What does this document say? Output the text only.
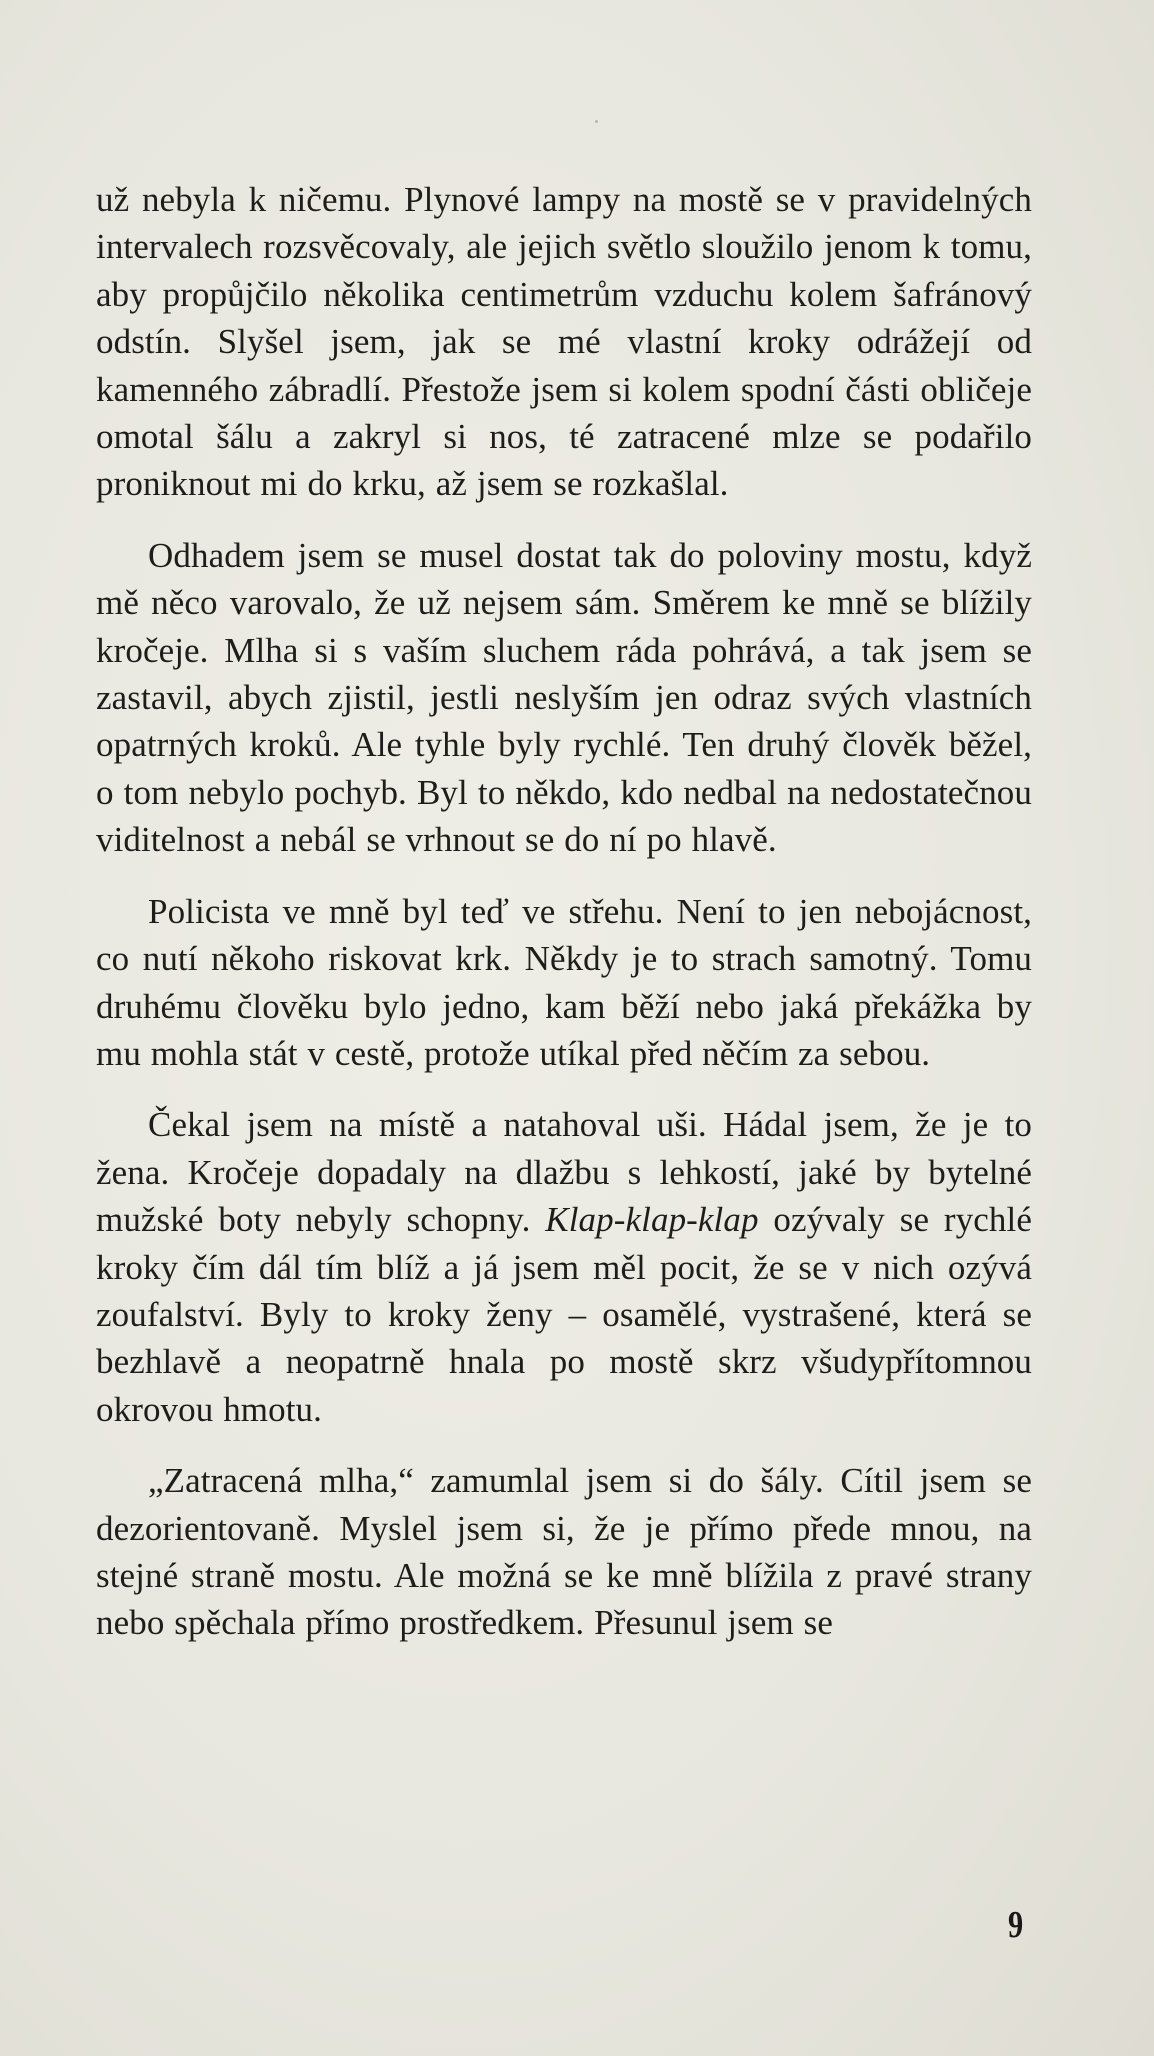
už nebyla k ničemu. Plynové lampy na mostě se v pravidelných intervalech rozsvěcovaly, ale jejich světlo sloužilo jenom k tomu, aby propůjčilo několika centimetrům vzduchu kolem šafránový odstín. Slyšel jsem, jak se mé vlastní kroky odrážejí od kamenného zábradlí. Přestože jsem si kolem spodní části obličeje omotal šálu a zakryl si nos, té zatracené mlze se podařilo proniknout mi do krku, až jsem se rozkašlal.

Odhadem jsem se musel dostat tak do poloviny mostu, když mě něco varovalo, že už nejsem sám. Směrem ke mně se blížily kročeje. Mlha si s vaším sluchem ráda pohrává, a tak jsem se zastavil, abych zjistil, jestli neslyším jen odraz svých vlastních opatrných kroků. Ale tyhle byly rychlé. Ten druhý člověk běžel, o tom nebylo pochyb. Byl to někdo, kdo nedbal na nedostatečnou viditelnost a nebál se vrhnout se do ní po hlavě.

Policista ve mně byl teď ve střehu. Není to jen nebojácnost, co nutí někoho riskovat krk. Někdy je to strach samotný. Tomu druhému člověku bylo jedno, kam běží nebo jaká překážka by mu mohla stát v cestě, protože utíkal před něčím za sebou.

Čekal jsem na místě a natahoval uši. Hádal jsem, že je to žena. Kročeje dopadaly na dlažbu s lehkostí, jaké by bytelné mužské boty nebyly schopny. Klap-klap-klap ozývaly se rychlé kroky čím dál tím blíž a já jsem měl pocit, že se v nich ozývá zoufalství. Byly to kroky ženy – osamělé, vystrašené, která se bezhlavě a neopatrně hnala po mostě skrz všudypřítomnou okrovou hmotu.

„Zatracená mlha,“ zamumlal jsem si do šály. Cítil jsem se dezorientovaně. Myslel jsem si, že je přímo přede mnou, na stejné straně mostu. Ale možná se ke mně blížila z pravé strany nebo spěchala přímo prostředkem. Přesunul jsem se

9
